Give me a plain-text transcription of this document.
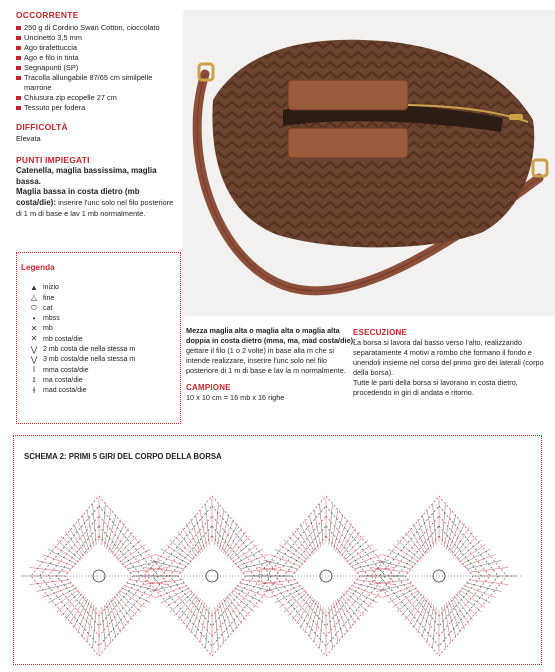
OCCORRENTE
250 g di Cordino Swan Cotton, cioccolato
Uncinetto 3,5 mm
Ago tirafettuccia
Ago e filo in tinta
Segnapunti (SP)
Tracolla allungabile 87/65 cm similpelle marrone
Chiusura zip ecopelle 27 cm
Tessuto per fodera
DIFFICOLTÀ
Elevata
PUNTI IMPIEGATI
Catenella, maglia bassissima, maglia bassa.
Maglia bassa in costa dietro (mb costa/die): inserire l'unc solo nel filo posteriore di 1 m di base e lav 1 mb normalmente.
Legenda
▲ inizio
△ fine
⬭ cat
•	mbss
✕ mb
✕ mb costa/die
⋁ 2 mb costa die nella stessa m
⋁ 3 mb costa/die nella stessa m
Ι	mma costa/die
ɪ	ma costa/die
ɫ	mad costa/die
Mezza maglia alta o maglia alta o maglia alta doppia in costa dietro (mma, ma, mad costa/die): gettare il filo (1 o 2 volte) in base alla m che si intende realizzare, inserire l'unc solo nel filo posteriore di 1 m di base e lav la m normalmente.
CAMPIONE
10 x 10 cm = 16 mb x 16 righe
ESECUZIONE
La borsa si lavora dal basso verso l'alto, realizzando separatamente 4 motivi a rombo che formano il fondo e unendoli insieme nel corso del primo giro dei laterali (corpo della borsa).
Tutte le parti della borsa si lavorano in costa dietro, procedendo in giri di andata e ritorno.
SCHEMA 2: PRIMI 5 GIRI DEL CORPO DELLA BORSA
